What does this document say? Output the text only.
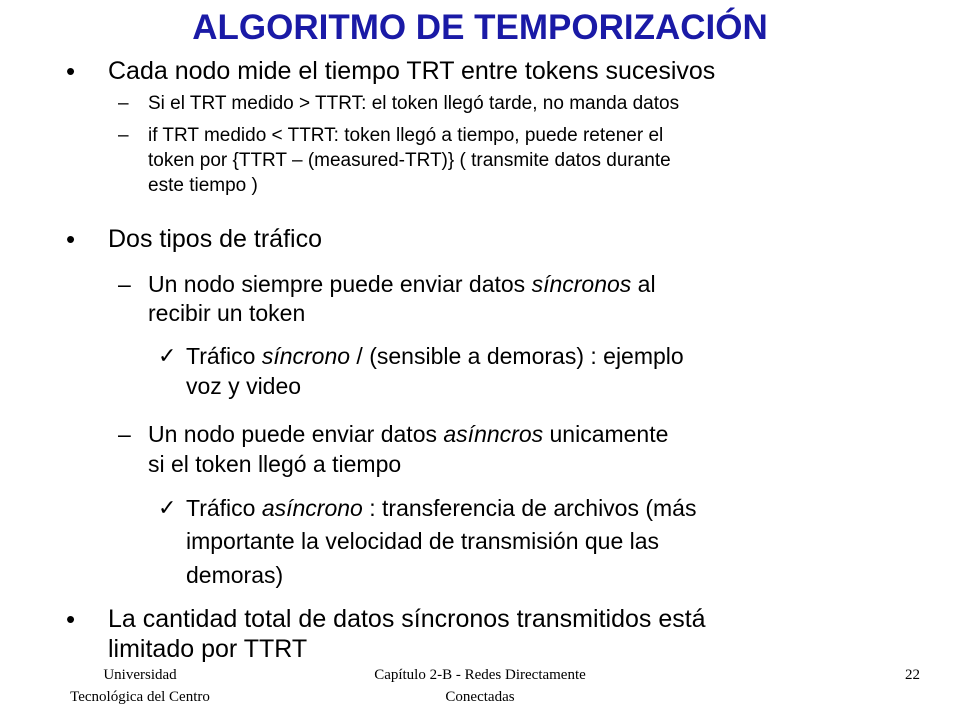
ALGORITMO DE TEMPORIZACIÓN
• Cada nodo mide el tiempo TRT entre tokens sucesivos

– Si el TRT medido > TTRT: el token llegó tarde, no manda datos

– if TRT medido < TTRT: token llegó a tiempo, puede retener el

token por {TTRT – (measured-TRT)} ( transmite datos durante

este tiempo )

• Dos tipos de tráfico

– Un nodo siempre puede enviar datos síncronos al

recibir un token

✓ Tráfico síncrono / (sensible a demoras) : ejemplo

voz y video

– Un nodo puede enviar datos asínncros unicamente

si el token llegó a tiempo

✓ Tráfico asíncrono : transferencia de archivos (más

importante la velocidad de transmisión que las

demoras)

• La cantidad total de datos síncronos transmitidos está

limitado por TTRT

Universidad
Tecnológica del Centro
Capítulo 2-B - Redes Directamente
Conectadas
22
